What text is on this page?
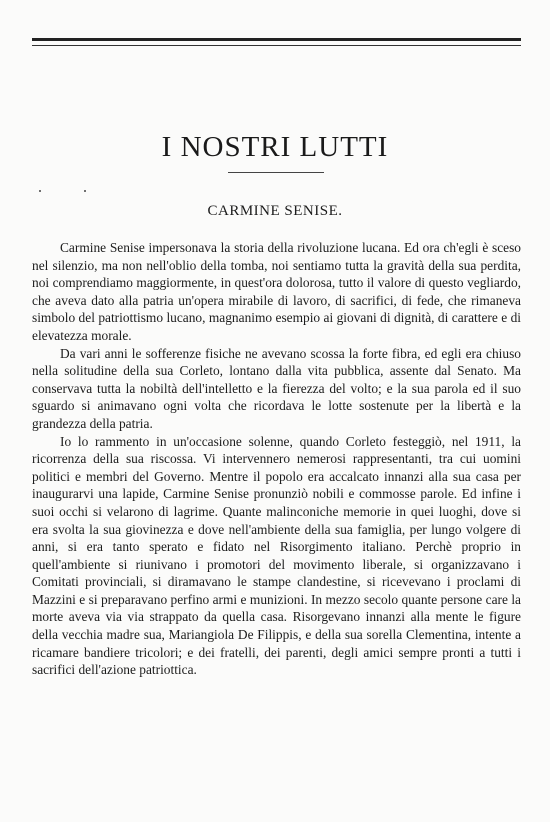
I NOSTRI LUTTI
CARMINE SENISE.

Carmine Senise impersonava la storia della rivoluzione lucana. Ed ora ch'egli è sceso nel silenzio, ma non nell'oblio della tomba, noi sentiamo tutta la gravità della sua perdita, noi comprendiamo maggiormente, in quest'ora dolorosa, tutto il valore di questo vegliardo, che aveva dato alla patria un'opera mirabile di lavoro, di sacrifici, di fede, che rimaneva simbolo del patriottismo lucano, magnanimo esempio ai giovani di dignità, di carattere e di elevatezza morale.

Da vari anni le sofferenze fisiche ne avevano scossa la forte fibra, ed egli era chiuso nella solitudine della sua Corleto, lontano dalla vita pubblica, assente dal Senato. Ma conservava tutta la nobiltà dell'intelletto e la fierezza del volto; e la sua parola ed il suo sguardo si animavano ogni volta che ricordava le lotte sostenute per la libertà e la grandezza della patria.

Io lo rammento in un'occasione solenne, quando Corleto festeggiò, nel 1911, la ricorrenza della sua riscossa. Vi intervennero nemerosi rappresentanti, tra cui uomini politici e membri del Governo. Mentre il popolo era accalcato innanzi alla sua casa per inaugurarvi una lapide, Carmine Senise pronunziò nobili e commosse parole. Ed infine i suoi occhi si velarono di lagrime. Quante malinconiche memorie in quei luoghi, dove si era svolta la sua giovinezza e dove nell'ambiente della sua famiglia, per lungo volgere di anni, si era tanto sperato e fidato nel Risorgimento italiano. Perchè proprio in quell'ambiente si riunivano i promotori del movimento liberale, si organizzavano i Comitati provinciali, si diramavano le stampe clandestine, si ricevevano i proclami di Mazzini e si preparavano perfino armi e munizioni. In mezzo secolo quante persone care la morte aveva via via strappato da quella casa. Risorgevano innanzi alla mente le figure della vecchia madre sua, Mariangiola De Filippis, e della sua sorella Clementina, intente a ricamare bandiere tricolori; e dei fratelli, dei parenti, degli amici sempre pronti a tutti i sacrifici dell'azione patriottica.
